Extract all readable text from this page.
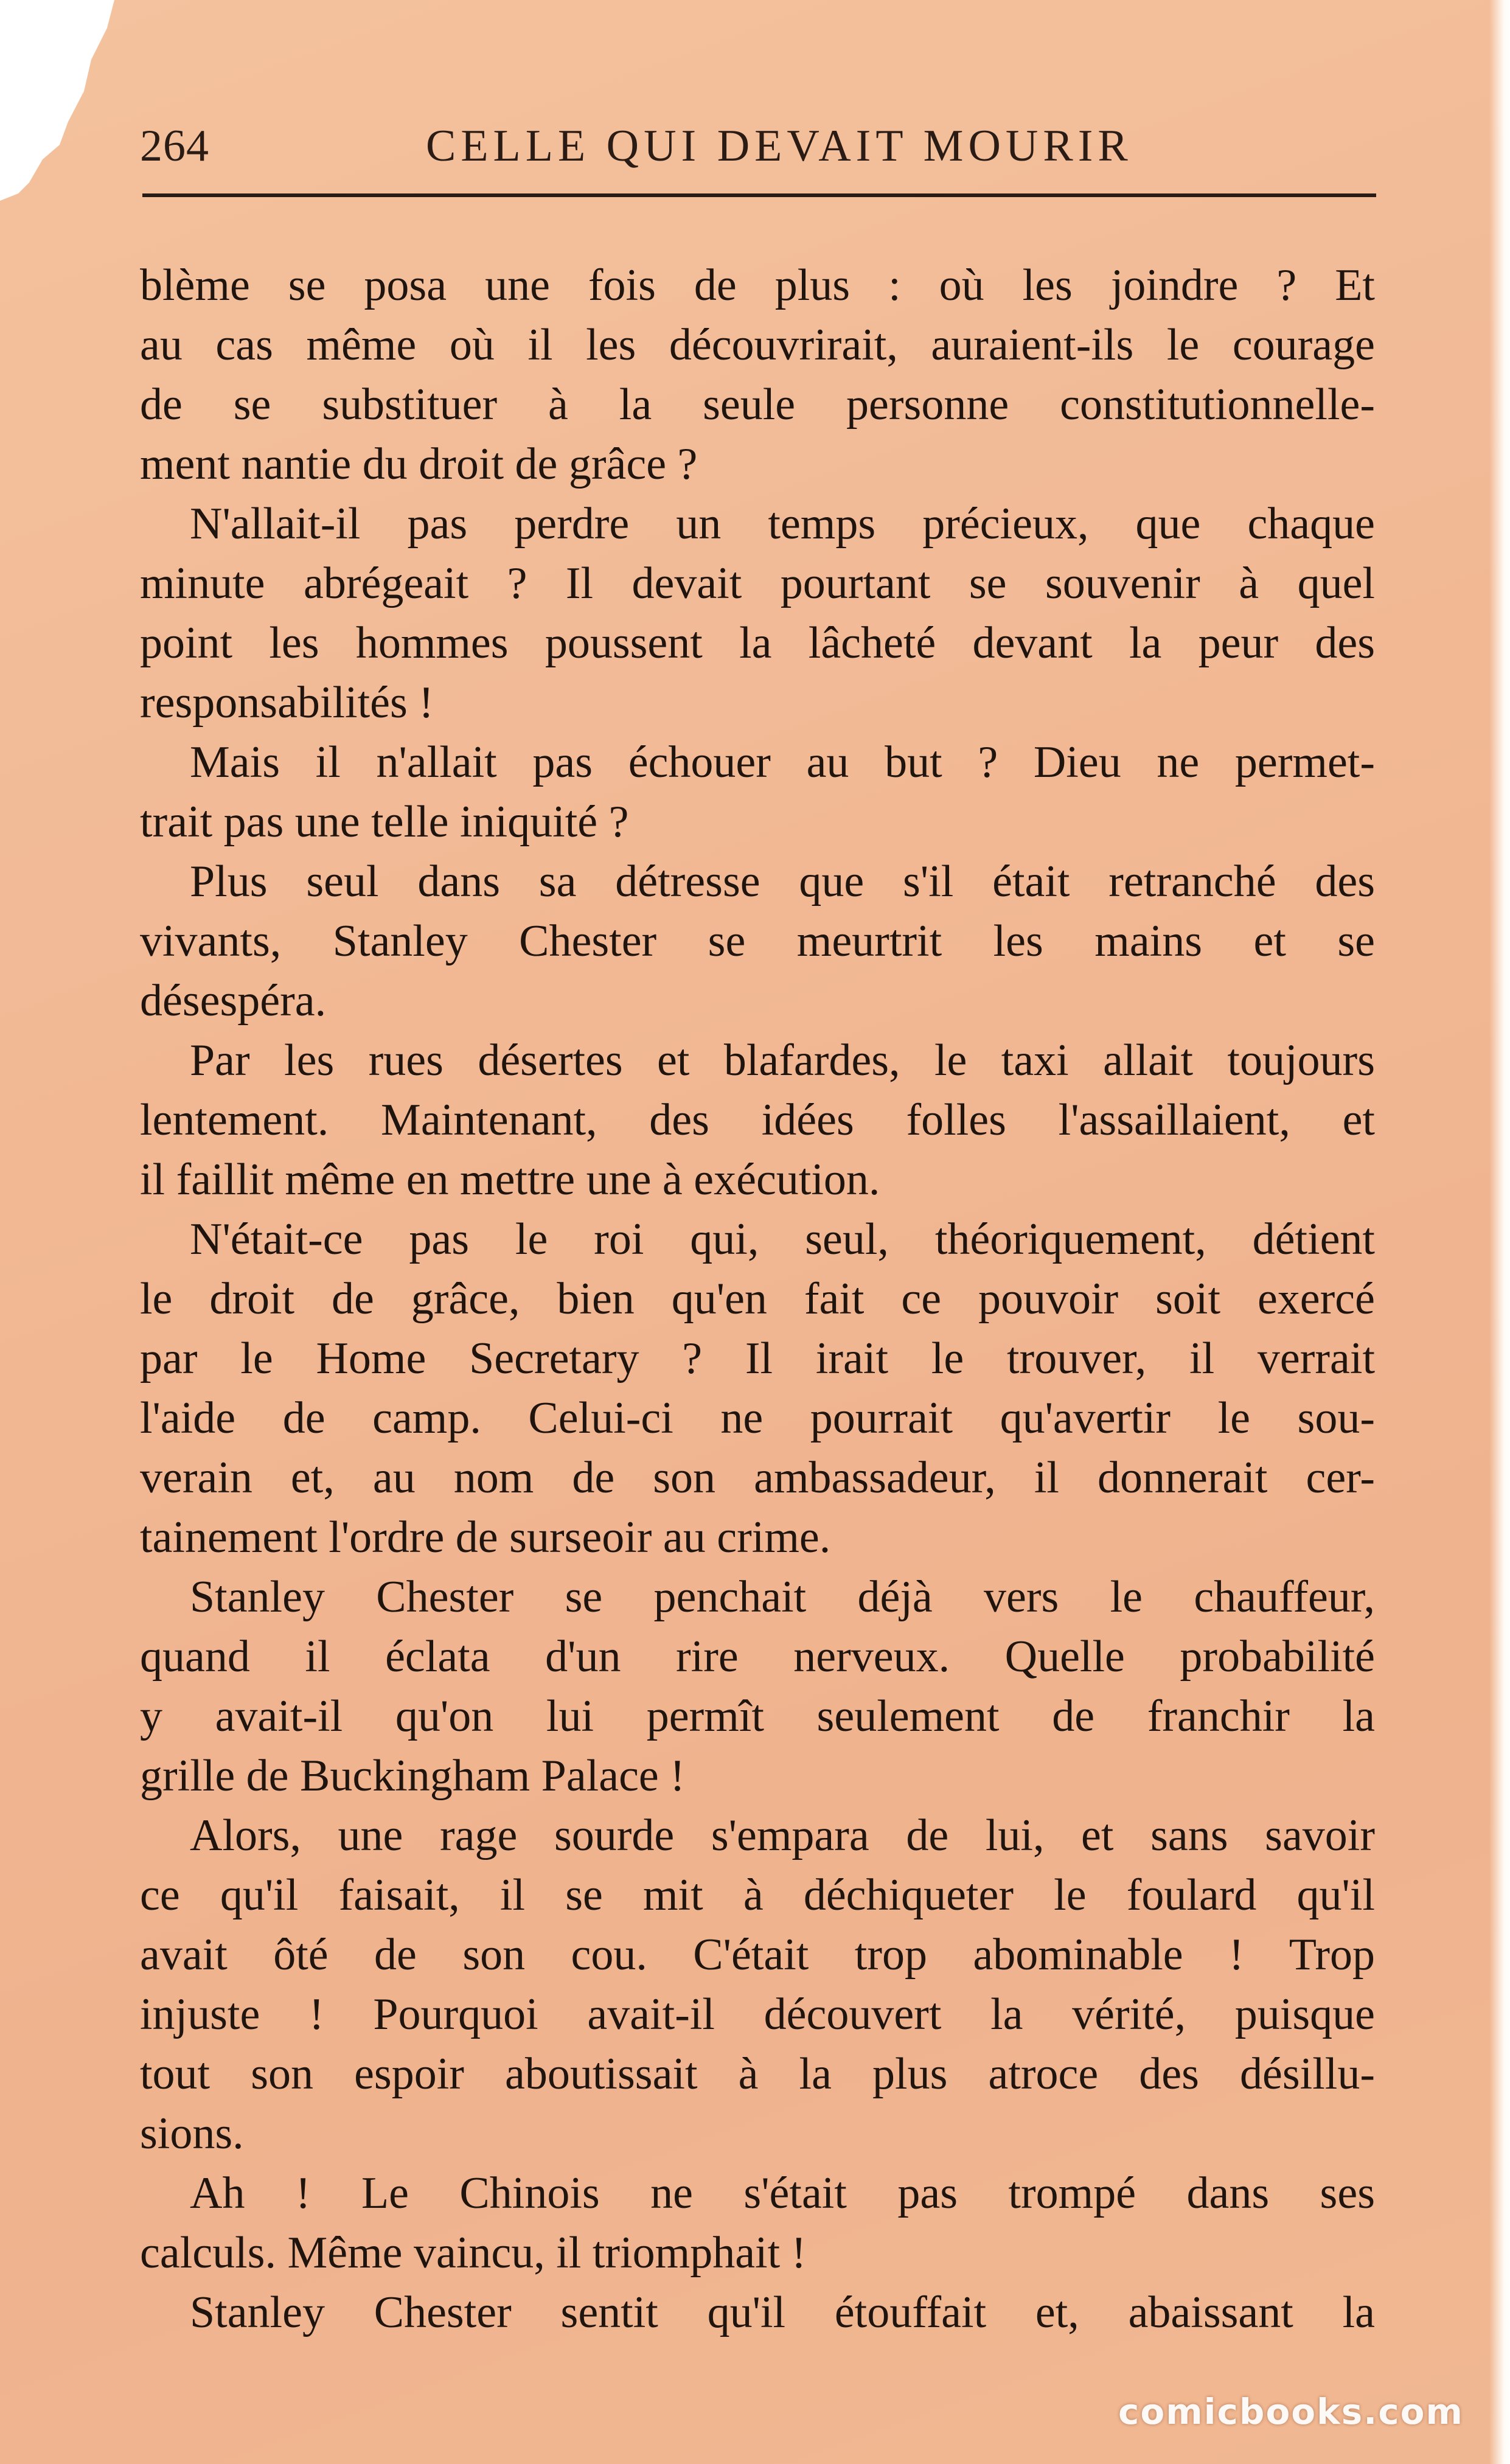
264	CELLE QUI DEVAIT MOURIR
blème se posa une fois de plus : où les joindre ? Et
au cas même où il les découvrirait, auraient-ils le courage
de se substituer à la seule personne constitutionnelle-
ment nantie du droit de grâce ?
N'allait-il pas perdre un temps précieux, que chaque
minute abrégeait ? Il devait pourtant se souvenir à quel
point les hommes poussent la lâcheté devant la peur des
responsabilités !
Mais il n'allait pas échouer au but ? Dieu ne permet-
trait pas une telle iniquité ?
Plus seul dans sa détresse que s'il était retranché des
vivants, Stanley Chester se meurtrit les mains et se
désespéra.
Par les rues désertes et blafardes, le taxi allait toujours
lentement. Maintenant, des idées folles l'assaillaient, et
il faillit même en mettre une à exécution.
N'était-ce pas le roi qui, seul, théoriquement, détient
le droit de grâce, bien qu'en fait ce pouvoir soit exercé
par le Home Secretary ? Il irait le trouver, il verrait
l'aide de camp. Celui-ci ne pourrait qu'avertir le sou-
verain et, au nom de son ambassadeur, il donnerait cer-
tainement l'ordre de surseoir au crime.
Stanley Chester se penchait déjà vers le chauffeur,
quand il éclata d'un rire nerveux. Quelle probabilité
y avait-il qu'on lui permît seulement de franchir la
grille de Buckingham Palace !
Alors, une rage sourde s'empara de lui, et sans savoir
ce qu'il faisait, il se mit à déchiqueter le foulard qu'il
avait ôté de son cou. C'était trop abominable ! Trop
injuste ! Pourquoi avait-il découvert la vérité, puisque
tout son espoir aboutissait à la plus atroce des désillu-
sions.
Ah ! Le Chinois ne s'était pas trompé dans ses
calculs. Même vaincu, il triomphait !
Stanley Chester sentit qu'il étouffait et, abaissant la
comicbooks.com
